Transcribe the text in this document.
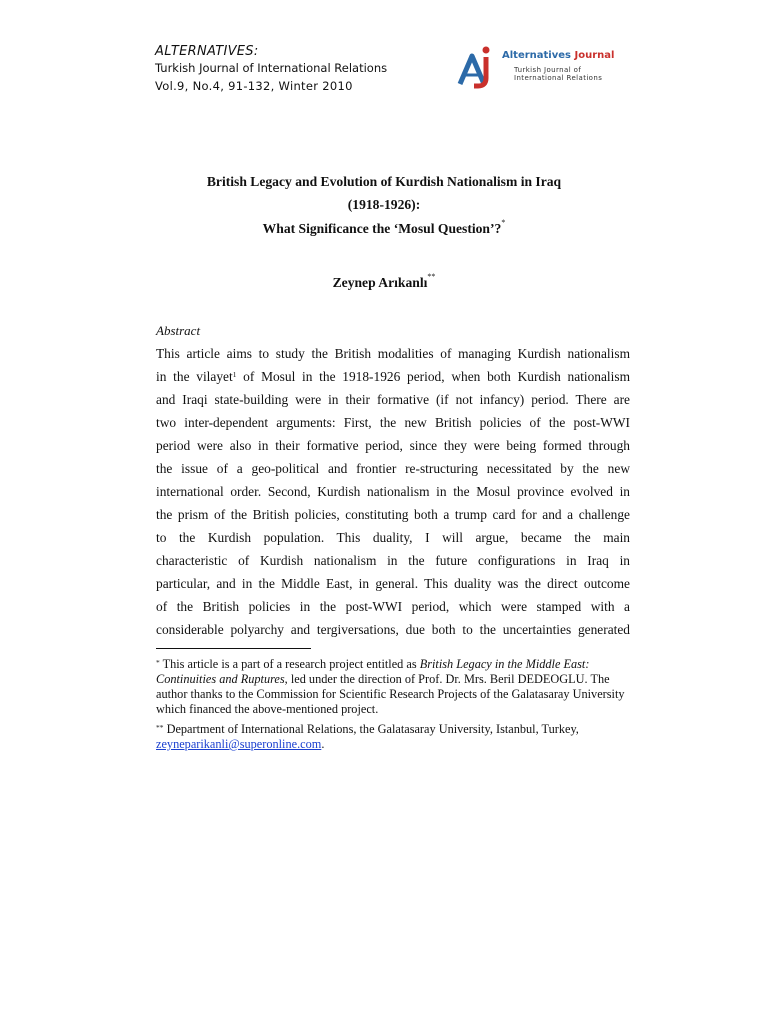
ALTERNATIVES:
Turkish Journal of International Relations
Vol.9, No.4, 91-132, Winter 2010
Alternatives Journal
Turkish Journal of
International Relations
British Legacy and Evolution of Kurdish Nationalism in Iraq
(1918-1926):
What Significance the ‘Mosul Question’?*
Zeynep Arıkanlı**
Abstract
This article aims to study the British modalities of managing Kurdish nationalism
in the vilayet$^1$ of Mosul in the 1918-1926 period, when both Kurdish nationalism
and Iraqi state-building were in their formative (if not infancy) period. There are
two inter-dependent arguments: First, the new British policies of the post-WWI
period were also in their formative period, since they were being formed through
the issue of a geo-political and frontier re-structuring necessitated by the new
international order. Second, Kurdish nationalism in the Mosul province evolved in
the prism of the British policies, constituting both a trump card for and a challenge
to the Kurdish population. This duality, I will argue, became the main
characteristic of Kurdish nationalism in the future configurations in Iraq in
particular, and in the Middle East, in general. This duality was the direct outcome
of the British policies in the post-WWI period, which were stamped with a
considerable polyarchy and tergiversations, due both to the uncertainties generated

* This article is a part of a research project entitled as British Legacy in the Middle East: Continuities and Ruptures, led under the direction of Prof. Dr. Mrs. Beril DEDEOGLU. The author thanks to the Commission for Scientific Research Projects of the Galatasaray University which financed the above-mentioned project.

** Department of International Relations, the Galatasaray University, Istanbul, Turkey, zeyneparikanli@superonline.com.
